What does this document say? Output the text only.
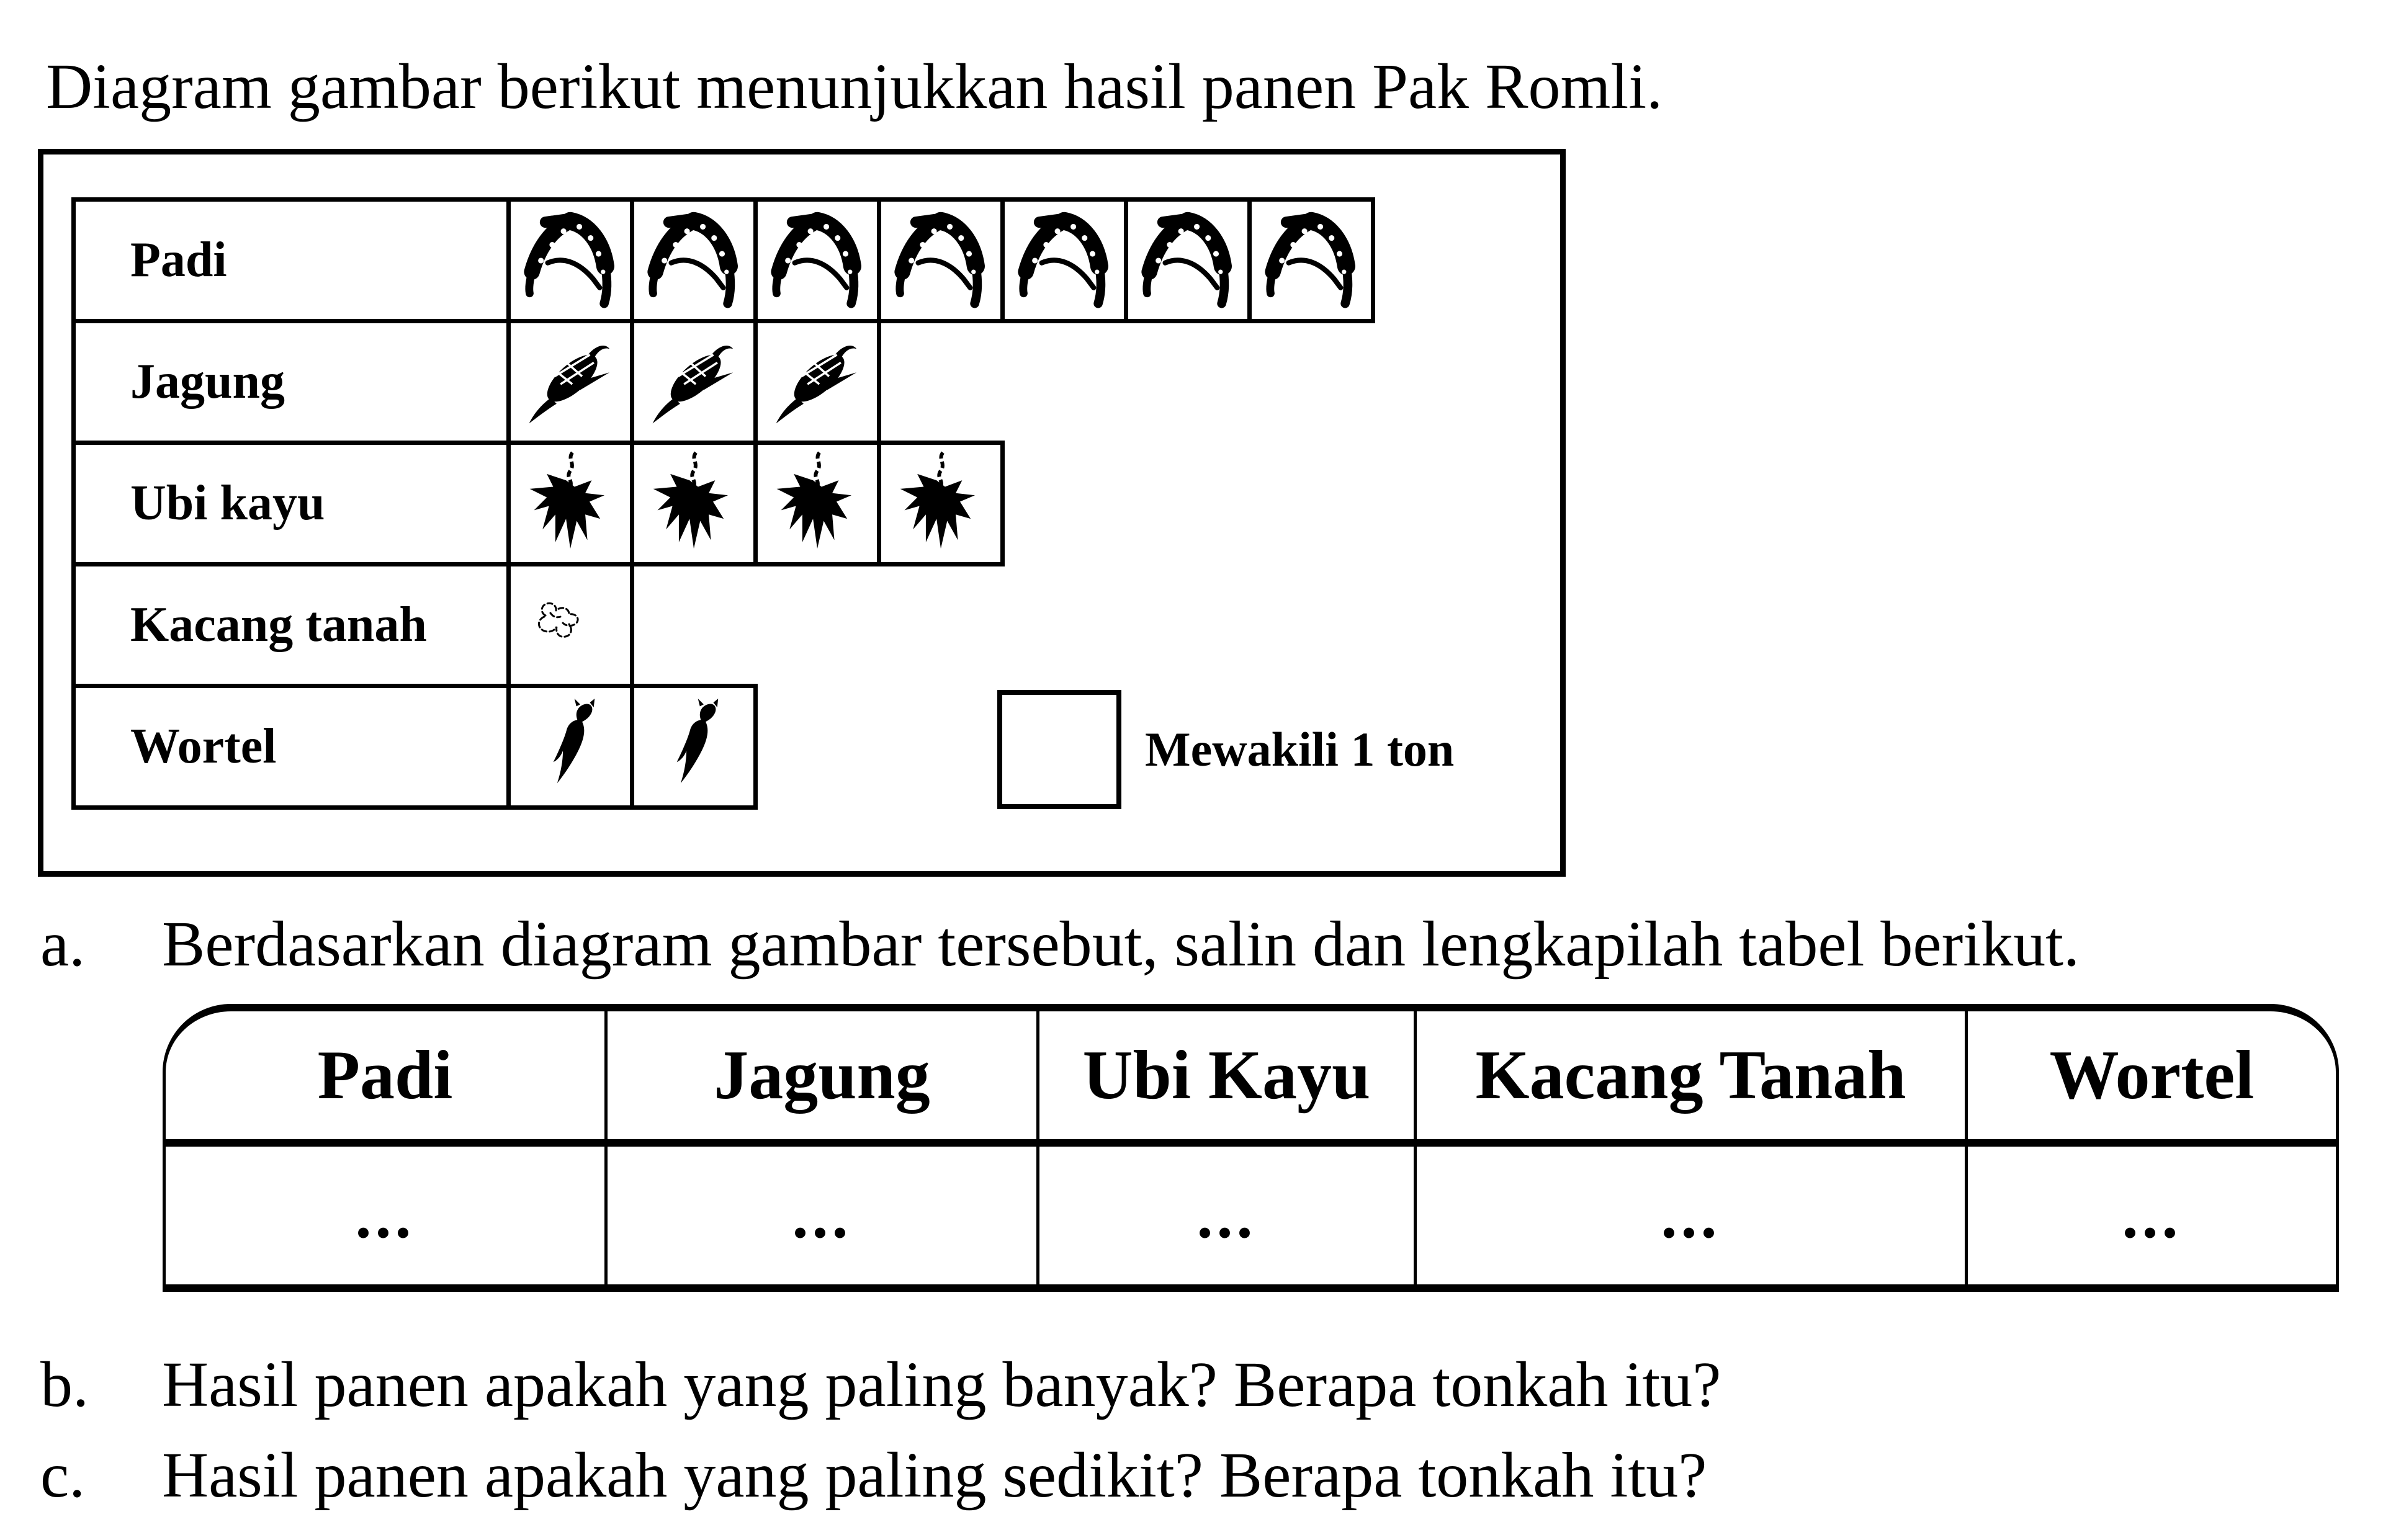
Diagram gambar berikut menunjukkan hasil panen Pak Romli.
Padi
Jagung
Ubi kayu
Kacang tanah
Wortel	Mewakili 1 ton
a.	Berdasarkan diagram gambar tersebut, salin dan lengkapilah tabel berikut.
Padi	Jagung	Ubi Kayu	Kacang Tanah	Wortel
...	...	...	...	...
b.	Hasil panen apakah yang paling banyak? Berapa tonkah itu?
c.	Hasil panen apakah yang paling sedikit? Berapa tonkah itu?
